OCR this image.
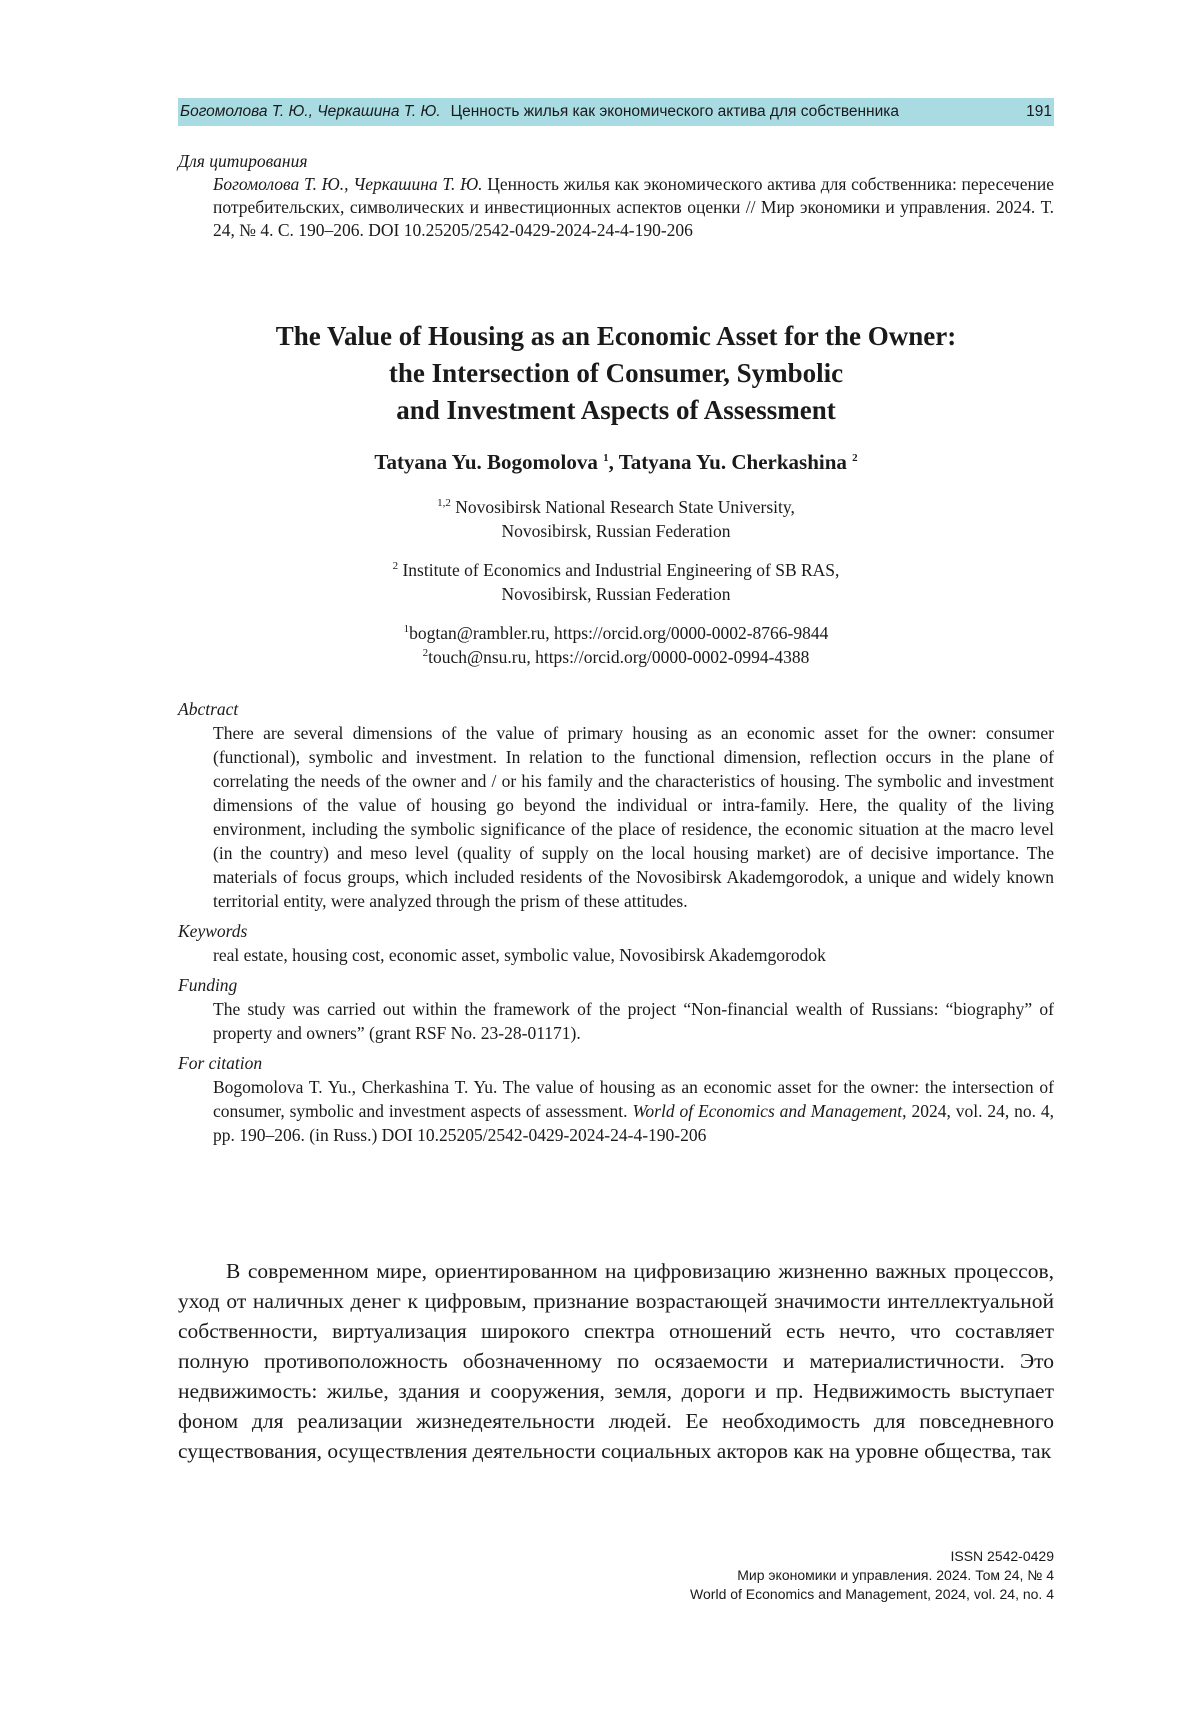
Богомолова Т. Ю., Черкашина Т. Ю. Ценность жилья как экономического актива для собственника	191
Для цитирования
Богомолова Т. Ю., Черкашина Т. Ю. Ценность жилья как экономического актива для собственника: пересечение потребительских, символических и инвестиционных аспектов оценки // Мир экономики и управления. 2024. Т. 24, № 4. С. 190–206. DOI 10.25205/2542-0429-2024-24-4-190-206
The Value of Housing as an Economic Asset for the Owner:
the Intersection of Consumer, Symbolic
and Investment Aspects of Assessment
Tatyana Yu. Bogomolova $^1$, Tatyana Yu. Cherkashina $^2$
$^{1,2}$ Novosibirsk National Research State University,
Novosibirsk, Russian Federation
$^2$ Institute of Economics and Industrial Engineering of SB RAS,
Novosibirsk, Russian Federation
$^1$bogtan@rambler.ru, https://orcid.org/0000-0002-8766-9844
$^2$touch@nsu.ru, https://orcid.org/0000-0002-0994-4388
Abctract
There are several dimensions of the value of primary housing as an economic asset for the owner: consumer (functional), symbolic and investment. In relation to the functional dimension, reflection occurs in the plane of correlating the needs of the owner and / or his family and the characteristics of housing. The symbolic and investment dimensions of the value of housing go beyond the individual or intra-family. Here, the quality of the living environment, including the symbolic significance of the place of residence, the economic situation at the macro level (in the country) and meso level (quality of supply on the local housing market) are of decisive importance. The materials of focus groups, which included residents of the Novosibirsk Akademgorodok, a unique and widely known territorial entity, were analyzed through the prism of these attitudes.
Keywords
real estate, housing cost, economic asset, symbolic value, Novosibirsk Akademgorodok
Funding
The study was carried out within the framework of the project “Non-financial wealth of Russians: “biography” of property and owners” (grant RSF No. 23-28-01171).
For citation
Bogomolova T. Yu., Cherkashina T. Yu. The value of housing as an economic asset for the owner: the intersection of consumer, symbolic and investment aspects of assessment. World of Economics and Management, 2024, vol. 24, no. 4, pp. 190–206. (in Russ.) DOI 10.25205/2542-0429-2024-24-4-190-206

В современном мире, ориентированном на цифровизацию жизненно важных процессов, уход от наличных денег к цифровым, признание возрастающей значимости интеллектуальной собственности, виртуализация широкого спектра отношений есть нечто, что составляет полную противоположность обозначенному по осязаемости и материалистичности. Это недвижимость: жилье, здания и сооружения, земля, дороги и пр. Недвижимость выступает фоном для реализации жизнедеятельности людей. Ее необходимость для повседневного существования, осуществления деятельности социальных акторов как на уровне общества, так

ISSN 2542-0429
Мир экономики и управления. 2024. Том 24, № 4
World of Economics and Management, 2024, vol. 24, no. 4
